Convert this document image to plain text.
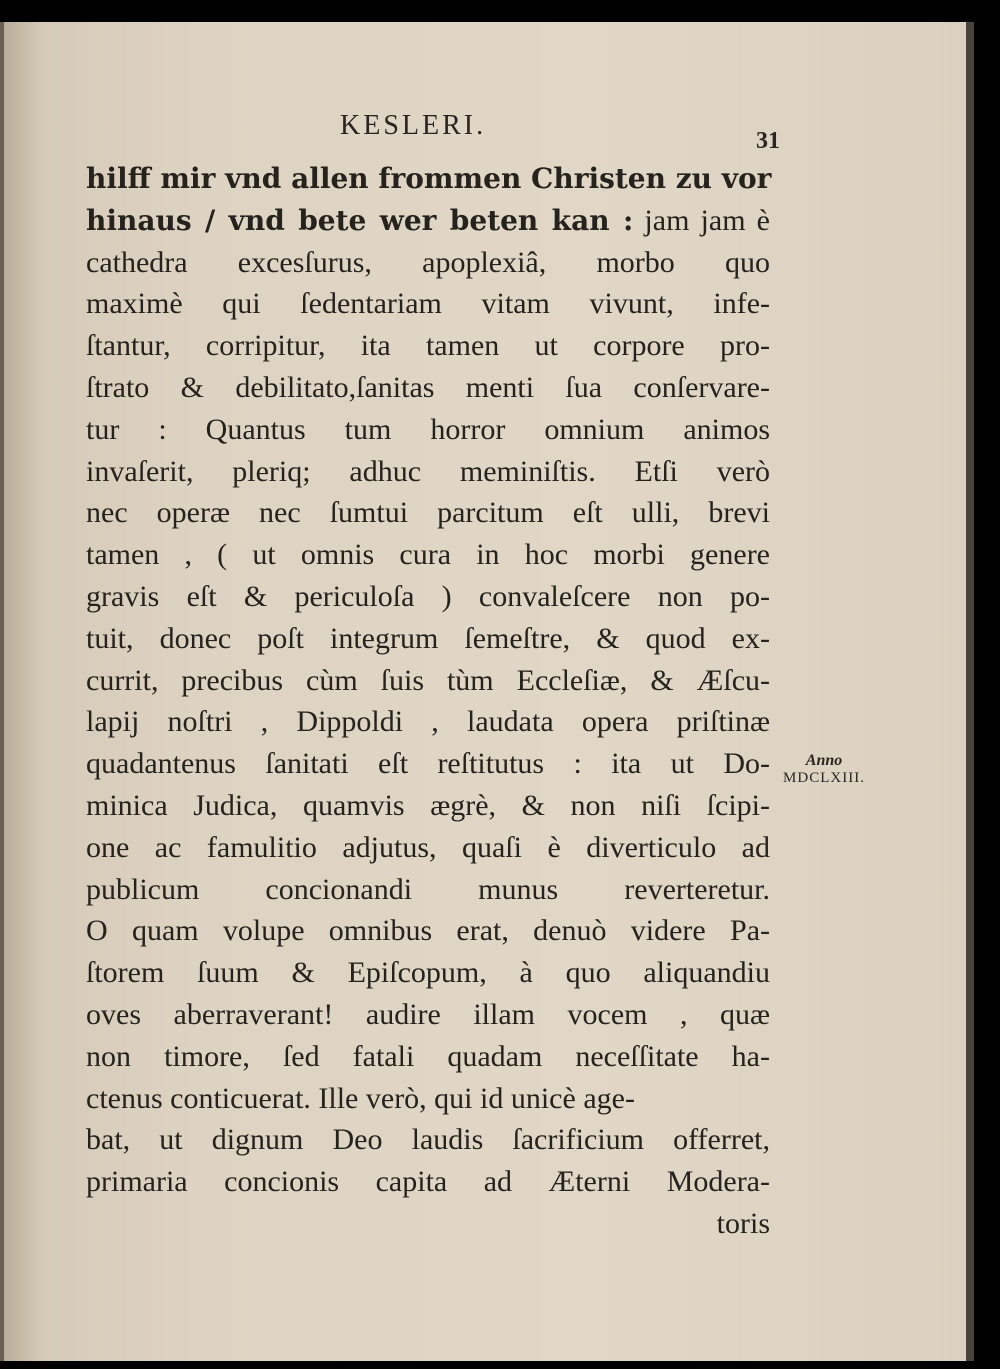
KESLERI.	31
hilff mir vnd allen frommen Christen zu vor
hinaus / vnd bete wer beten kan : jam jam è
cathedra excesſurus, apoplexiâ, morbo quo
maximè qui ſedentariam vitam vivunt, infe-
ſtantur, corripitur, ita tamen ut corpore pro-
ſtrato & debilitato,ſanitas menti ſua conſervare-
tur : Quantus tum horror omnium animos
invaſerit, pleriq; adhuc meminiſtis. Etſi verò
nec operæ nec ſumtui parcitum eſt ulli, brevi
tamen , ( ut omnis cura in hoc morbi genere
gravis eſt & periculoſa ) convaleſcere non po-
tuit, donec poſt integrum ſemeſtre, & quod ex-
currit, precibus cùm ſuis tùm Eccleſiæ, & Æſcu-
lapij noſtri , Dippoldi , laudata opera priſtinæ
quadantenus ſanitati eſt reſtitutus : ita ut Do-
minica Judica, quamvis ægrè, & non niſi ſcipi-
one ac famulitio adjutus, quaſi è diverticulo ad
publicum concionandi munus reverteretur.
O quam volupe omnibus erat, denuò videre Pa-
ſtorem ſuum & Epiſcopum, à quo aliquandiu
oves aberraverant! audire illam vocem , quæ
non timore, ſed fatali quadam neceſſitate ha-
ctenus conticuerat. Ille verò, qui id unicè age-
bat, ut dignum Deo laudis ſacrificium offerret,
primaria concionis capita ad Æterni Modera-
toris
Anno
MDCLXIII.
